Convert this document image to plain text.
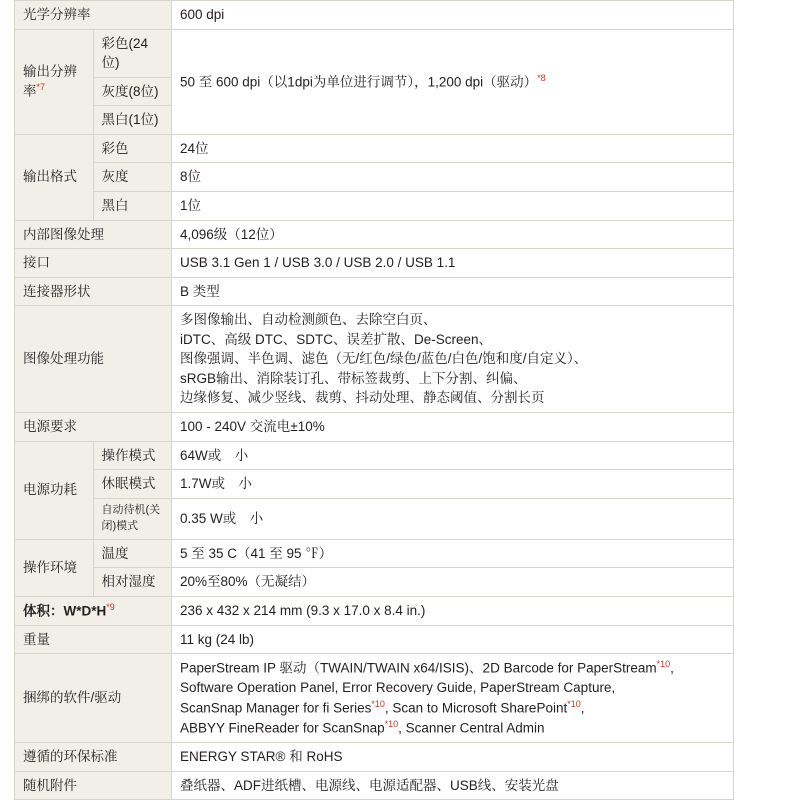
光学分辨率		600 dpi
输出分辨率$^{*7}$	彩色(24位)	50 至 600 dpi（以1dpi为单位进行调节），1,200 dpi（驱动）$^{*8}$
	灰度(8位)	
	黑白(1位)	
输出格式	彩色	24位
	灰度	8位
	黑白	1位
内部图像处理		4,096级（12位）
接口		USB 3.1 Gen 1 / USB 3.0 / USB 2.0 / USB 1.1
连接器形状		B 类型
图像处理功能		多图像输出、自动检测颜色、去除空白页、
iDTC、高级 DTC、SDTC、误差扩散、De-Screen、
图像强调、半色调、滤色（无/红色/绿色/蓝色/白色/饱和度/自定义）、
sRGB输出、消除装订孔、带标签裁剪、上下分割、纠偏、
边缘修复、减少竖线、裁剪、抖动处理、静态阈值、分割长页

电源要求		100 - 240V 交流电±10%
电源功耗	操作模式	64W或　小
	休眠模式	1.7W或　小
	自动待机(关闭)模式	0.35 W或　小
操作环境	温度	5 至 35 C（41 至 95 ℉）
	相对湿度	20%至80%（无凝结）
体积：$W*D*H^{*9}$		236 x 432 x 214 mm (9.3 x 17.0 x 8.4 in.)
重量		11 kg (24 lb)
捆绑的软件/驱动		PaperStream IP 驱动（TWAIN/TWAIN x64/ISIS)、2D Barcode for PaperStream$^{*10}$,
Software Operation Panel, Error Recovery Guide, PaperStream Capture,
ScanSnap Manager for fi Series$^{*10}$, Scan to Microsoft SharePoint$^{*10}$,
ABBYY FineReader for ScanSnap$^{*10}$, Scanner Central Admin

遵循的环保标准		ENERGY STAR® 和 RoHS
随机附件		叠纸器、ADF进纸槽、电源线、电源适配器、USB线、安装光盘
